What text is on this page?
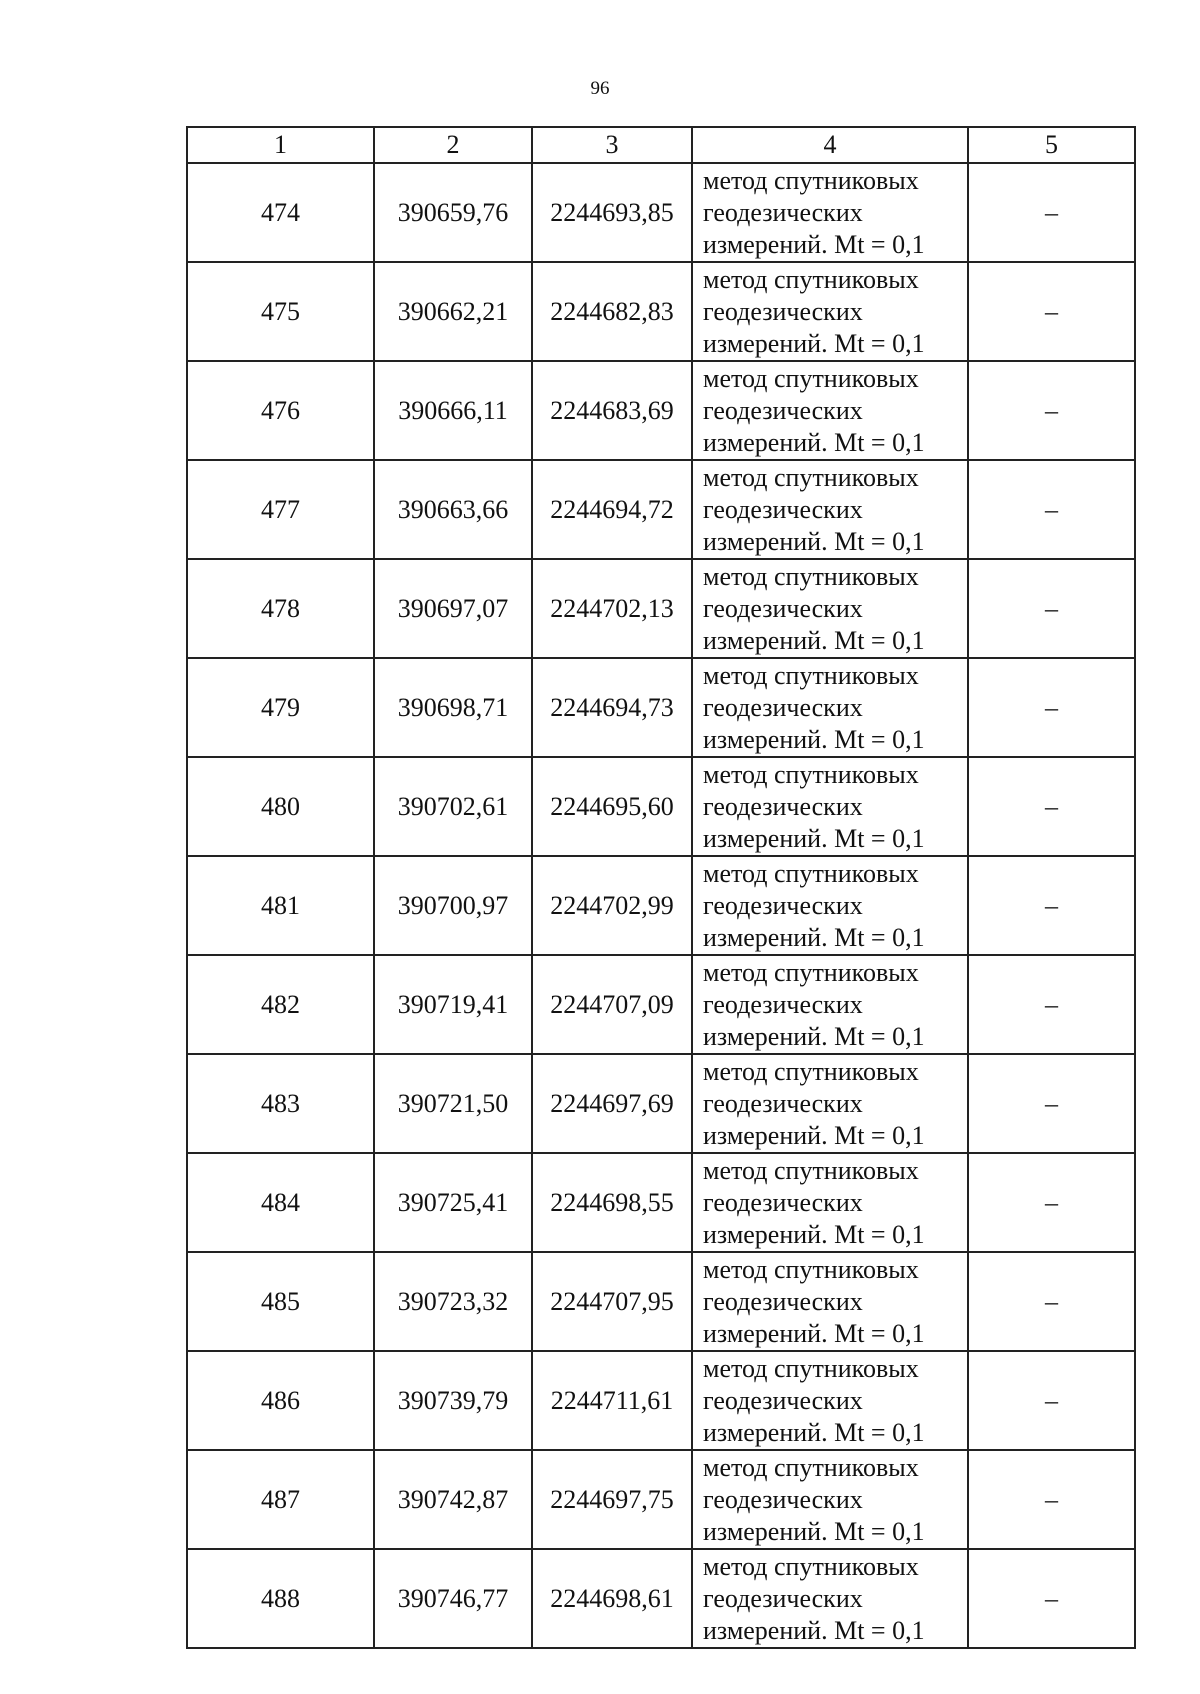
96
1	2	3	4	5
474	390659,76	2244693,85	метод спутниковых
геодезических
измерений. Mt = 0,1	–
475	390662,21	2244682,83	метод спутниковых
геодезических
измерений. Mt = 0,1	–
476	390666,11	2244683,69	метод спутниковых
геодезических
измерений. Mt = 0,1	–
477	390663,66	2244694,72	метод спутниковых
геодезических
измерений. Mt = 0,1	–
478	390697,07	2244702,13	метод спутниковых
геодезических
измерений. Mt = 0,1	–
479	390698,71	2244694,73	метод спутниковых
геодезических
измерений. Mt = 0,1	–
480	390702,61	2244695,60	метод спутниковых
геодезических
измерений. Mt = 0,1	–
481	390700,97	2244702,99	метод спутниковых
геодезических
измерений. Mt = 0,1	–
482	390719,41	2244707,09	метод спутниковых
геодезических
измерений. Mt = 0,1	–
483	390721,50	2244697,69	метод спутниковых
геодезических
измерений. Mt = 0,1	–
484	390725,41	2244698,55	метод спутниковых
геодезических
измерений. Mt = 0,1	–
485	390723,32	2244707,95	метод спутниковых
геодезических
измерений. Mt = 0,1	–
486	390739,79	2244711,61	метод спутниковых
геодезических
измерений. Mt = 0,1	–
487	390742,87	2244697,75	метод спутниковых
геодезических
измерений. Mt = 0,1	–
488	390746,77	2244698,61	метод спутниковых
геодезических
измерений. Mt = 0,1	–
